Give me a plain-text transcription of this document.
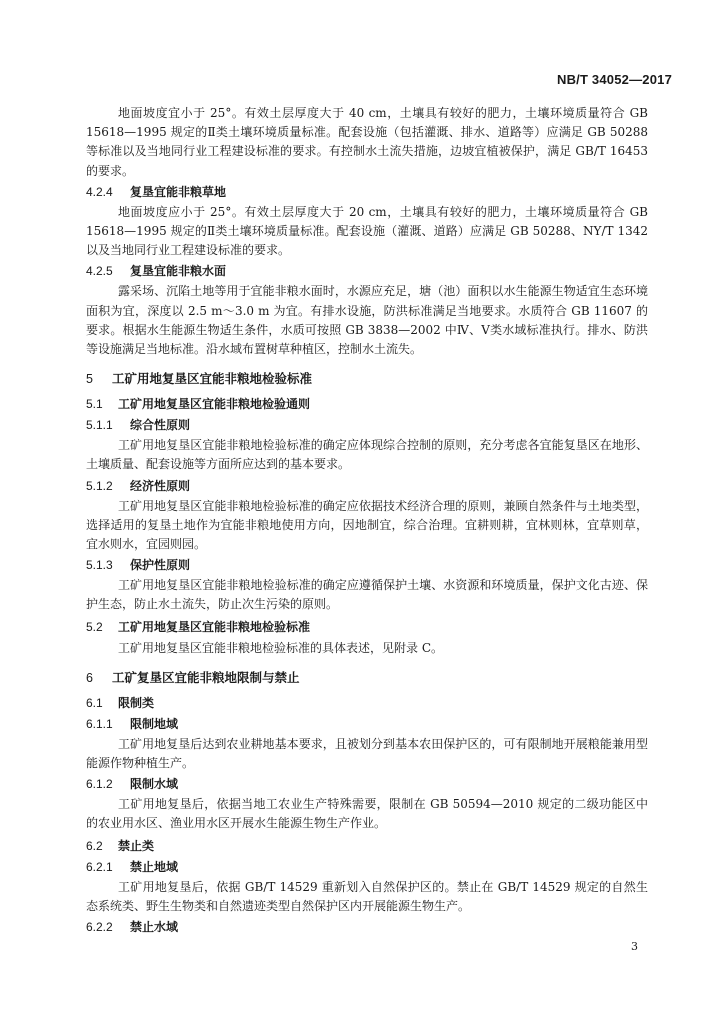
NB/T 34052—2017

地面坡度宜小于 25°。有效土层厚度大于 40 cm，土壤具有较好的肥力，土壤环境质量符合 GB 15618—1995 规定的Ⅱ类土壤环境质量标准。配套设施（包括灌溉、排水、道路等）应满足 GB 50288 等标准以及当地同行业工程建设标准的要求。有控制水土流失措施，边坡宜植被保护，满足 GB/T 16453 的要求。

4.2.4 复垦宜能非粮草地

地面坡度应小于 25°。有效土层厚度大于 20 cm，土壤具有较好的肥力，土壤环境质量符合 GB 15618—1995 规定的Ⅱ类土壤环境质量标准。配套设施（灌溉、道路）应满足 GB 50288、NY/T 1342 以及当地同行业工程建设标准的要求。

4.2.5 复垦宜能非粮水面

露采场、沉陷土地等用于宜能非粮水面时，水源应充足，塘（池）面积以水生能源生物适宜生态环境面积为宜，深度以 2.5 m～3.0 m 为宜。有排水设施，防洪标准满足当地要求。水质符合 GB 11607 的要求。根据水生能源生物适生条件，水质可按照 GB 3838—2002 中Ⅳ、Ⅴ类水域标准执行。排水、防洪等设施满足当地标准。沿水域布置树草种植区，控制水土流失。

5 工矿用地复垦区宜能非粮地检验标准
5.1 工矿用地复垦区宜能非粮地检验通则
5.1.1 综合性原则

工矿用地复垦区宜能非粮地检验标准的确定应体现综合控制的原则，充分考虑各宜能复垦区在地形、土壤质量、配套设施等方面所应达到的基本要求。

5.1.2 经济性原则

工矿用地复垦区宜能非粮地检验标准的确定应依据技术经济合理的原则，兼顾自然条件与土地类型，选择适用的复垦土地作为宜能非粮地使用方向，因地制宜，综合治理。宜耕则耕，宜林则林，宜草则草，宜水则水，宜园则园。

5.1.3 保护性原则

工矿用地复垦区宜能非粮地检验标准的确定应遵循保护土壤、水资源和环境质量，保护文化古迹、保护生态，防止水土流失，防止次生污染的原则。

5.2 工矿用地复垦区宜能非粮地检验标准

工矿用地复垦区宜能非粮地检验标准的具体表述，见附录 C。

6 工矿复垦区宜能非粮地限制与禁止
6.1 限制类
6.1.1 限制地域

工矿用地复垦后达到农业耕地基本要求，且被划分到基本农田保护区的，可有限制地开展粮能兼用型能源作物种植生产。

6.1.2 限制水域

工矿用地复垦后，依据当地工农业生产特殊需要，限制在 GB 50594—2010 规定的二级功能区中的农业用水区、渔业用水区开展水生能源生物生产作业。

6.2 禁止类
6.2.1 禁止地域

工矿用地复垦后，依据 GB/T 14529 重新划入自然保护区的。禁止在 GB/T 14529 规定的自然生态系统类、野生生物类和自然遗迹类型自然保护区内开展能源生物生产。

6.2.2 禁止水域
3
